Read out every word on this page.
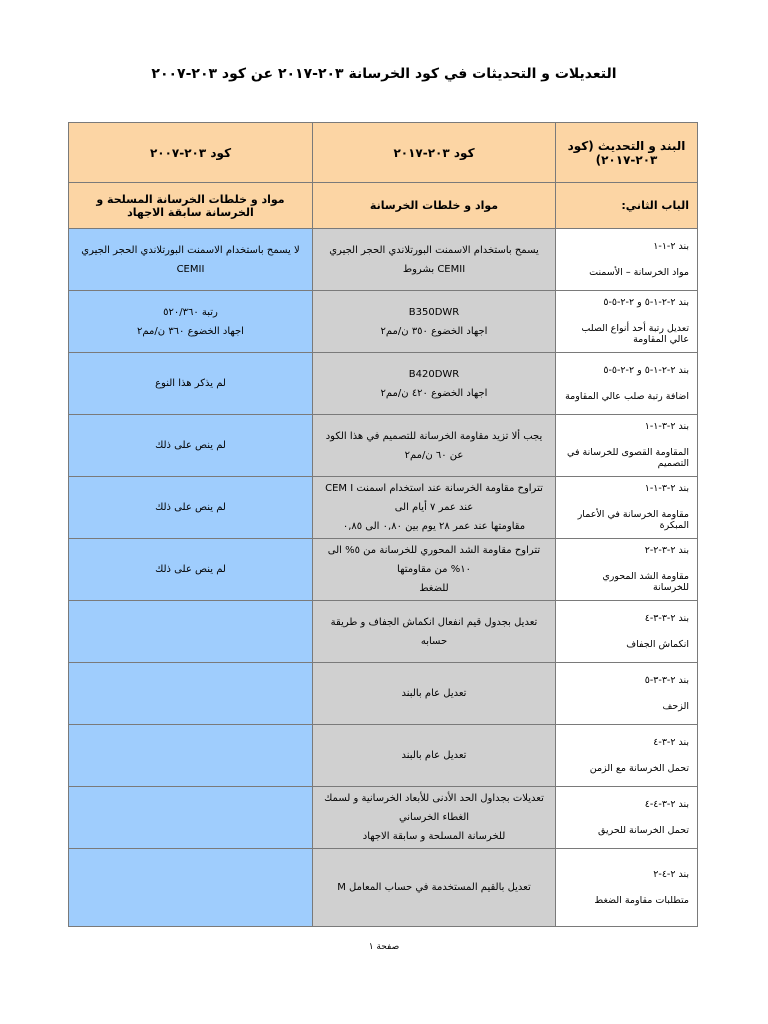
التعديلات و التحديثات في كود الخرسانة ٢٠٣-٢٠١٧ عن كود ٢٠٣-٢٠٠٧
البند و التحديث (كود ٢٠٣-٢٠١٧)	كود ٢٠٣-٢٠١٧	كود ٢٠٣-٢٠٠٧
الباب الثاني:	مواد و خلطات الخرسانة	مواد و خلطات الخرسانة المسلحة و الخرسانة سابقة الاجهاد

بند ٢-١-١
مواد الخرسانة – الأسمنت	يسمح باستخدام الاسمنت البورتلاندي الحجر الجيري CEMII بشروط	لا يسمح باستخدام الاسمنت البورتلاندي الحجر الجيري CEMII

بند ٢-٢-١-٥ و ٢-٢-٥-٥
تعديل رتبة أحد أنواع الصلب عالي المقاومة	B350DWR
اجهاد الخضوع ٣٥٠ ن/مم٢	رتبة ٥٢٠/٣٦٠
اجهاد الخضوع ٣٦٠ ن/مم٢

بند ٢-٢-١-٥ و ٢-٢-٥-٥
اضافة رتبة صلب عالي المقاومة	B420DWR
اجهاد الخضوع ٤٢٠ ن/مم٢	لم يذكر هذا النوع

بند ٢-٣-١-١
المقاومة القصوى للخرسانة في التصميم	يجب ألا تزيد مقاومة الخرسانة للتصميم في هذا الكود عن ٦٠ ن/مم٢	لم ينص على ذلك

بند ٢-٣-١-١
مقاومة الخرسانة في الأعمار المبكرة	تتراوح مقاومة الخرسانة عند استخدام اسمنت CEM I عند عمر ٧ أيام الى
مقاومتها عند عمر ٢٨ يوم بين ٠,٨٠ الى ٠,٨٥	لم ينص على ذلك

بند ٢-٣-٢-٢
مقاومة الشد المحوري للخرسانة	تتراوح مقاومة الشد المحوري للخرسانة من ٥% الى ١٠% من مقاومتها
للضغط	لم ينص على ذلك

بند ٢-٣-٣-٤
انكماش الجفاف	تعديل بجدول قيم انفعال انكماش الجفاف و طريقة حسابه	

بند ٢-٣-٣-٥
الزحف	تعديل عام بالبند	

بند ٢-٣-٤
تحمل الخرسانة مع الزمن	تعديل عام بالبند	

بند ٢-٣-٤-٤
تحمل الخرسانة للحريق	تعديلات بجداول الحد الأدنى للأبعاد الخرسانية و لسمك الغطاء الخرساني
للخرسانة المسلحة و سابقة الاجهاد	

بند ٢-٤-٢
متطلبات مقاومة الضغط	تعديل بالقيم المستخدمة في حساب المعامل M	

صفحة ١
